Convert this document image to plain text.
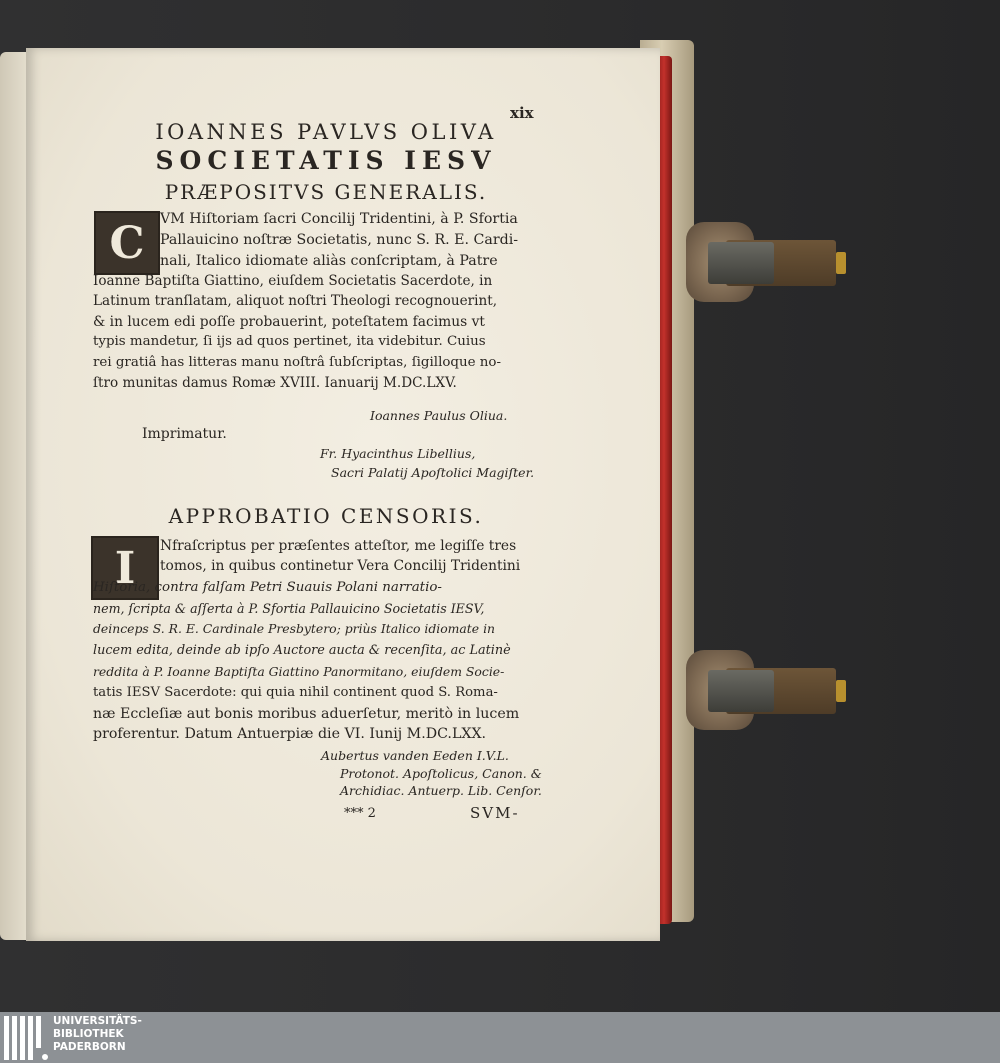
xix
IOANNES PAVLVS OLIVA
SOCIETATIS IESV
PRÆPOSITVS GENERALIS.
C	VM Hiſtoriam ſacri Concilij Tridentini, à P. Sfortia
Pallauicino noſtræ Societatis, nunc S. R. E. Cardi-
nali, Italico idiomate aliàs conſcriptam, à Patre
Ioanne Baptiſta Giattino, eiuſdem Societatis Sacerdote, in
Latinum tranſlatam, aliquot noſtri Theologi recognouerint,
& in lucem edi poſſe probauerint, poteſtatem facimus vt
typis mandetur, ſi ijs ad quos pertinet, ita videbitur. Cuius
rei gratiâ has litteras manu noſtrâ ſubſcriptas, ſigilloque no-
ſtro munitas damus Romæ XVIII. Ianuarij M.DC.LXV.
Ioannes Paulus Oliua.
Imprimatur.
Fr. Hyacinthus Libellius,
Sacri Palatij Apoſtolici Magiſter.
APPROBATIO CENSORIS.
I	Nfraſcriptus per præſentes atteſtor, me legiſſe tres
tomos, in quibus continetur Vera Concilij Tridentini
Hiſtoria, contra falſam Petri Suauis Polani narratio-
nem, ſcripta & aſſerta à P. Sfortia Pallauicino Societatis IESV,
deinceps S. R. E. Cardinale Presbytero; priùs Italico idiomate in
lucem edita, deinde ab ipſo Auctore aucta & recenſita, ac Latinè
reddita à P. Ioanne Baptiſta Giattino Panormitano, eiuſdem Socie-
tatis IESV Sacerdote: qui quia nihil continent quod S. Roma-
næ Eccleſiæ aut bonis moribus aduerſetur, meritò in lucem
proferentur. Datum Antuerpiæ die VI. Iunij M.DC.LXX.
Aubertus vanden Eeden I.V.L.
Protonot. Apoſtolicus, Canon. &
Archidiac. Antuerp. Lib. Cenſor.
*** 2	SVM-
UNIVERSITÄTS-
BIBLIOTHEK
PADERBORN
